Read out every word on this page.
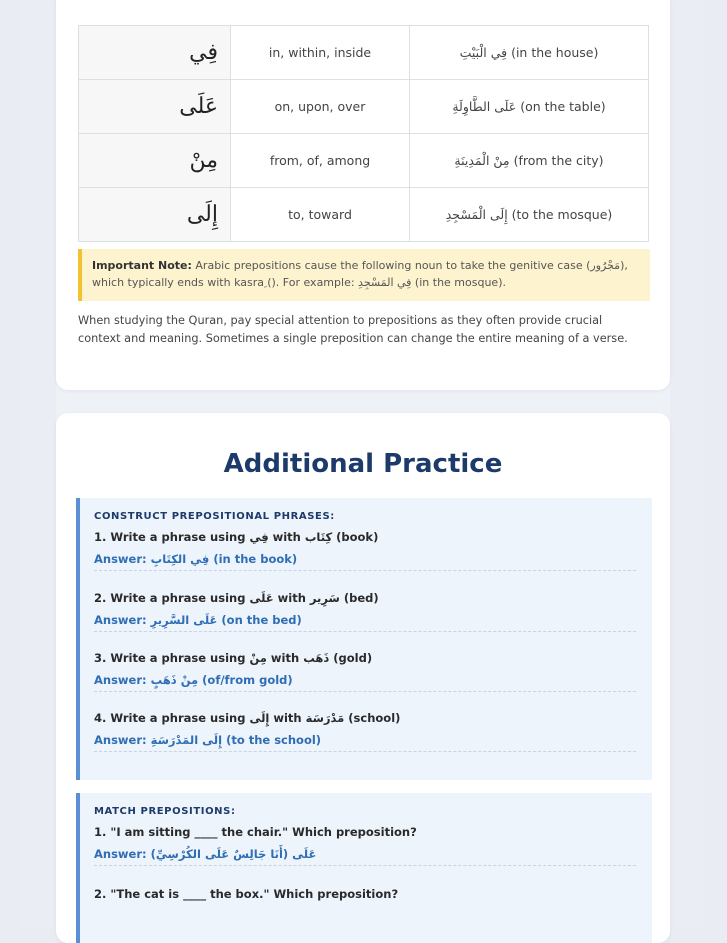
فِي	in, within, inside	فِي الْبَيْتِ (in the house)
عَلَى	on, upon, over	عَلَى الطَّاوِلَةِ (on the table)
مِنْ	from, of, among	مِنْ الْمَدِينَةِ (from the city)
إِلَى	to, toward	إِلَى الْمَسْجِدِ (to the mosque)
Important Note: Arabic prepositions cause the following noun to take the genitive case (مَجْرُور), which typically ends with kasra ِ(). For example: فِي المَسْجِدِ (in the mosque).
When studying the Quran, pay special attention to prepositions as they often provide crucial context and meaning. Sometimes a single preposition can change the entire meaning of a verse.
Additional Practice
CONSTRUCT PREPOSITIONAL PHRASES:
1. Write a phrase using فِي with كِتَاب (book)
Answer: فِي الكِتَابِ (in the book)
2. Write a phrase using عَلَى with سَرِير (bed)
Answer: عَلَى السَّرِيرِ (on the bed)
3. Write a phrase using مِنْ with ذَهَب (gold)
Answer: مِنْ ذَهَبٍ (of/from gold)
4. Write a phrase using إِلَى with مَدْرَسَة (school)
Answer: إِلَى المَدْرَسَةِ (to the school)
MATCH PREPOSITIONS:
1. "I am sitting ____ the chair." Which preposition?
Answer: عَلَى (أَنَا جَالِسٌ عَلَى الكُرْسِيِّ)
2. "The cat is ____ the box." Which preposition?
